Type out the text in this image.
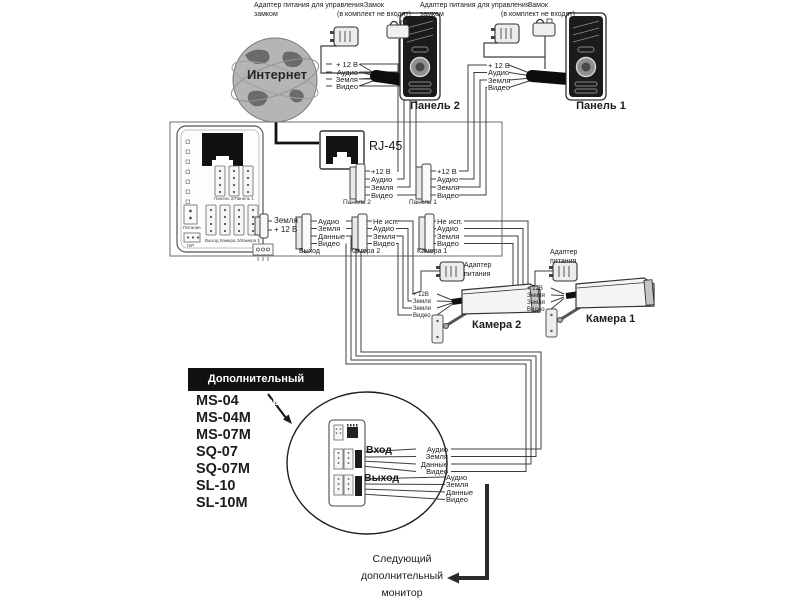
Адаптер питания для управления
замком
Замок
(в комплект не входят)
Адаптер питания для управления
замком
Замок
(в комплект не входят)
Интернет
RJ-45
+ 12 В
Аудио
Земля
Видео
+ 12 В
Аудио
Земля
Видео
Панель 2	Панель 1
+12 В
Аудио
Земля
Видео
Панель 2
+12 В
Аудио
Земля
Видео
Панель 1
Земля
+ 12 В
Аудио
Земля
Данные
Видео
Выход
Не исп.
Аудио
Земля
Видео
Камера 2
Не исп.
Аудио
Земля
Видео
Камера 1
Панель 2/Панель 1
Питание
ISP
Выход Камера 2/Камера 1
Адаптер
питания
Адаптер
питания
+ 12В
Земля
Земля
Видео
+ 12В
Земля
Земля
Видео
Камера 2	Камера 1
Дополнительный монитор
MS-04
MS-04M
MS-07M
SQ-07
SQ-07M
SL-10
SL-10M
Вход
Выход
Аудио
Земля
Данные
Видео
Аудио
Земля
Данные
Видео
Следующий
дополнительный
монитор
